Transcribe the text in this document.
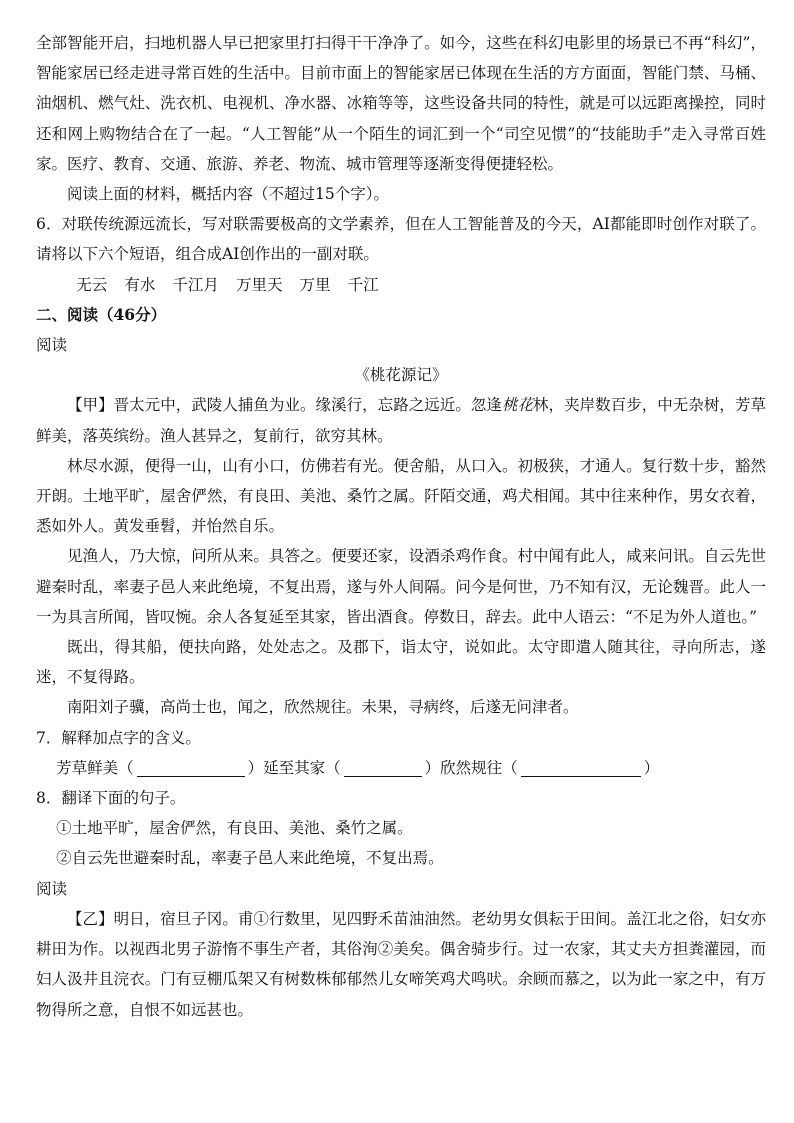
全部智能开启，扫地机器人早已把家里打扫得干干净净了。如今，这些在科幻电影里的场景已不再“科幻”，智能家居已经走进寻常百姓的生活中。目前市面上的智能家居已体现在生活的方方面面，智能门禁、马桶、油烟机、燃气灶、洗衣机、电视机、净水器、冰箱等等，这些设备共同的特性，就是可以远距离操控，同时还和网上购物结合在了一起。“人工智能”从一个陌生的词汇到一个“司空见惯”的“技能助手”走入寻常百姓家。医疗、教育、交通、旅游、养老、物流、城市管理等逐渐变得便捷轻松。

阅读上面的材料，概括内容（不超过15个字）。

6．对联传统源远流长，写对联需要极高的文学素养，但在人工智能普及的今天，AI都能即时创作对联了。请将以下六个短语，组合成AI创作出的一副对联。

无云 有水 千江月 万里天 万里 千江

二、阅读（46分）

阅读

《桃花源记》

【甲】晋太元中，武陵人捕鱼为业。缘溪行，忘路之远近。忽逢桃花林，夹岸数百步，中无杂树，芳草鲜美，落英缤纷。渔人甚异之，复前行，欲穷其林。

林尽水源，便得一山，山有小口，仿佛若有光。便舍船，从口入。初极狭，才通人。复行数十步，豁然开朗。土地平旷，屋舍俨然，有良田、美池、桑竹之属。阡陌交通，鸡犬相闻。其中往来种作，男女衣着，悉如外人。黄发垂髫，并怡然自乐。

见渔人，乃大惊，问所从来。具答之。便要还家，设酒杀鸡作食。村中闻有此人，咸来问讯。自云先世避秦时乱，率妻子邑人来此绝境，不复出焉，遂与外人间隔。问今是何世，乃不知有汉，无论魏晋。此人一一为具言所闻，皆叹惋。余人各复延至其家，皆出酒食。停数日，辞去。此中人语云：“不足为外人道也。”

既出，得其船，便扶向路，处处志之。及郡下，诣太守，说如此。太守即遣人随其往，寻向所志，遂迷，不复得路。

南阳刘子骥，高尚士也，闻之，欣然规往。未果，寻病终，后遂无问津者。

7．解释加点字的含义。

芳草鲜美（	）延至其家（	）欣然规往（	）

8．翻译下面的句子。

①土地平旷，屋舍俨然，有良田、美池、桑竹之属。

②自云先世避秦时乱，率妻子邑人来此绝境，不复出焉。

阅读

【乙】明日，宿旦子冈。甫①行数里，见四野禾苗油油然。老幼男女俱耘于田间。盖江北之俗，妇女亦耕田为作。以视西北男子游惰不事生产者，其俗洵②美矣。偶舍骑步行。过一农家，其丈夫方担粪灌园，而妇人汲井且浣衣。门有豆棚瓜架又有树数株郁郁然儿女啼笑鸡犬鸣吠。余顾而慕之，以为此一家之中，有万物得所之意，自恨不如远甚也。
